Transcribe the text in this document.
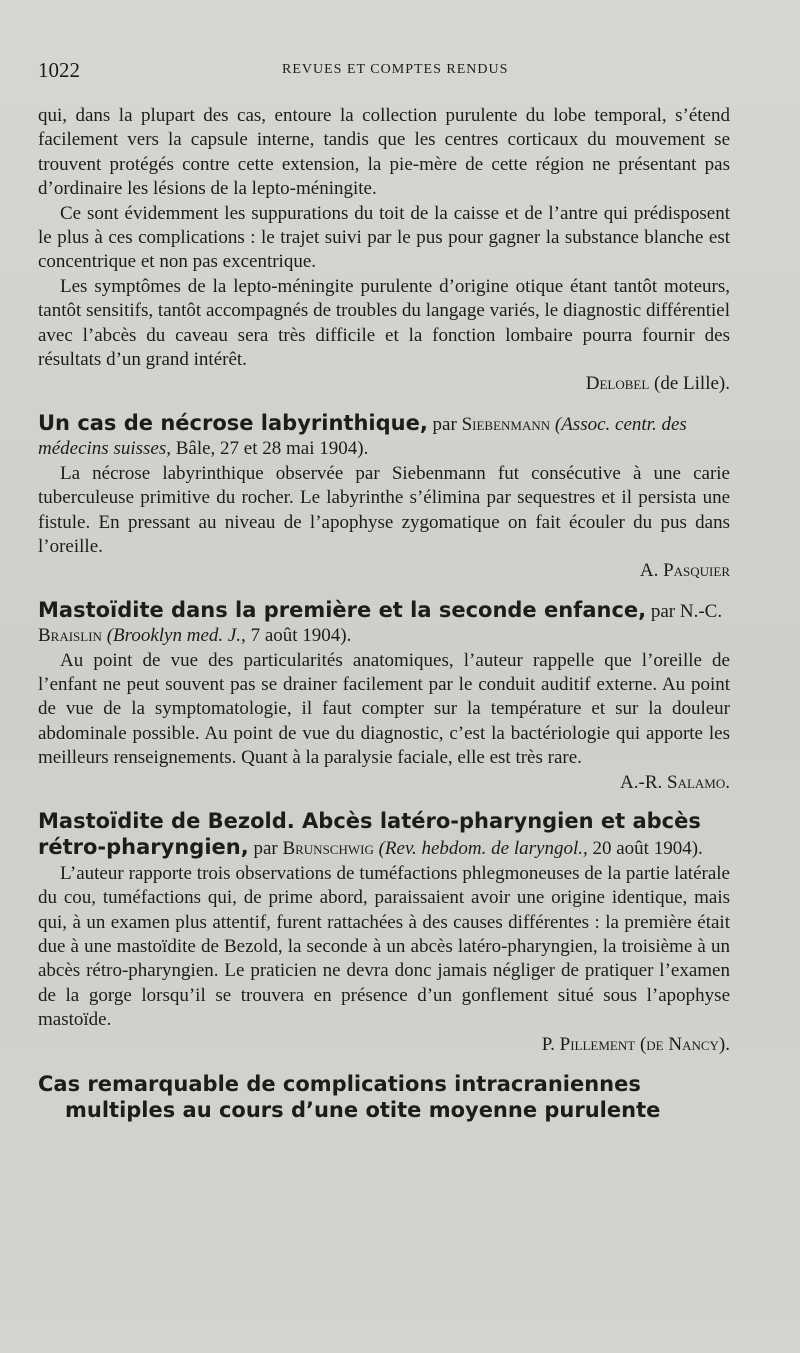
1022	REVUES ET COMPTES RENDUS

qui, dans la plupart des cas, entoure la collection purulente du lobe temporal, s’étend facilement vers la capsule interne, tandis que les centres corticaux du mouvement se trouvent protégés contre cette extension, la pie-mère de cette région ne présentant pas d’ordinaire les lésions de la lepto-méningite.

Ce sont évidemment les suppurations du toit de la caisse et de l’antre qui prédisposent le plus à ces complications : le trajet suivi par le pus pour gagner la substance blanche est concentrique et non pas excentrique.

Les symptômes de la lepto-méningite purulente d’origine otique étant tantôt moteurs, tantôt sensitifs, tantôt accompagnés de troubles du langage variés, le diagnostic différentiel avec l’abcès du caveau sera très difficile et la fonction lombaire pourra fournir des résultats d’un grand intérêt.
Delobel (de Lille).

Un cas de nécrose labyrinthique, par Siebenmann (Assoc. centr. des médecins suisses, Bâle, 27 et 28 mai 1904).

La nécrose labyrinthique observée par Siebenmann fut consécutive à une carie tuberculeuse primitive du rocher. Le labyrinthe s’élimina par sequestres et il persista une fistule. En pressant au niveau de l’apophyse zygomatique on fait écouler du pus dans l’oreille.
A. Pasquier

Mastoïdite dans la première et la seconde enfance, par N.-C. Braislin (Brooklyn med. J., 7 août 1904).

Au point de vue des particularités anatomiques, l’auteur rappelle que l’oreille de l’enfant ne peut souvent pas se drainer facilement par le conduit auditif externe. Au point de vue de la symptomatologie, il faut compter sur la température et sur la douleur abdominale possible. Au point de vue du diagnostic, c’est la bactériologie qui apporte les meilleurs renseignements. Quant à la paralysie faciale, elle est très rare.
A.-R. Salamo.

Mastoïdite de Bezold. Abcès latéro-pharyngien et abcès rétro-pharyngien, par Brunschwig (Rev. hebdom. de laryngol., 20 août 1904).

L’auteur rapporte trois observations de tuméfactions phlegmoneuses de la partie latérale du cou, tuméfactions qui, de prime abord, paraissaient avoir une origine identique, mais qui, à un examen plus attentif, furent rattachées à des causes différentes : la première était due à une mastoïdite de Bezold, la seconde à un abcès latéro-pharyngien, la troisième à un abcès rétro-pharyngien. Le praticien ne devra donc jamais négliger de pratiquer l’examen de la gorge lorsqu’il se trouvera en présence d’un gonflement situé sous l’apophyse mastoïde.
P. Pillement (de Nancy).

Cas remarquable de complications intracraniennes
multiples au cours d’une otite moyenne purulente
